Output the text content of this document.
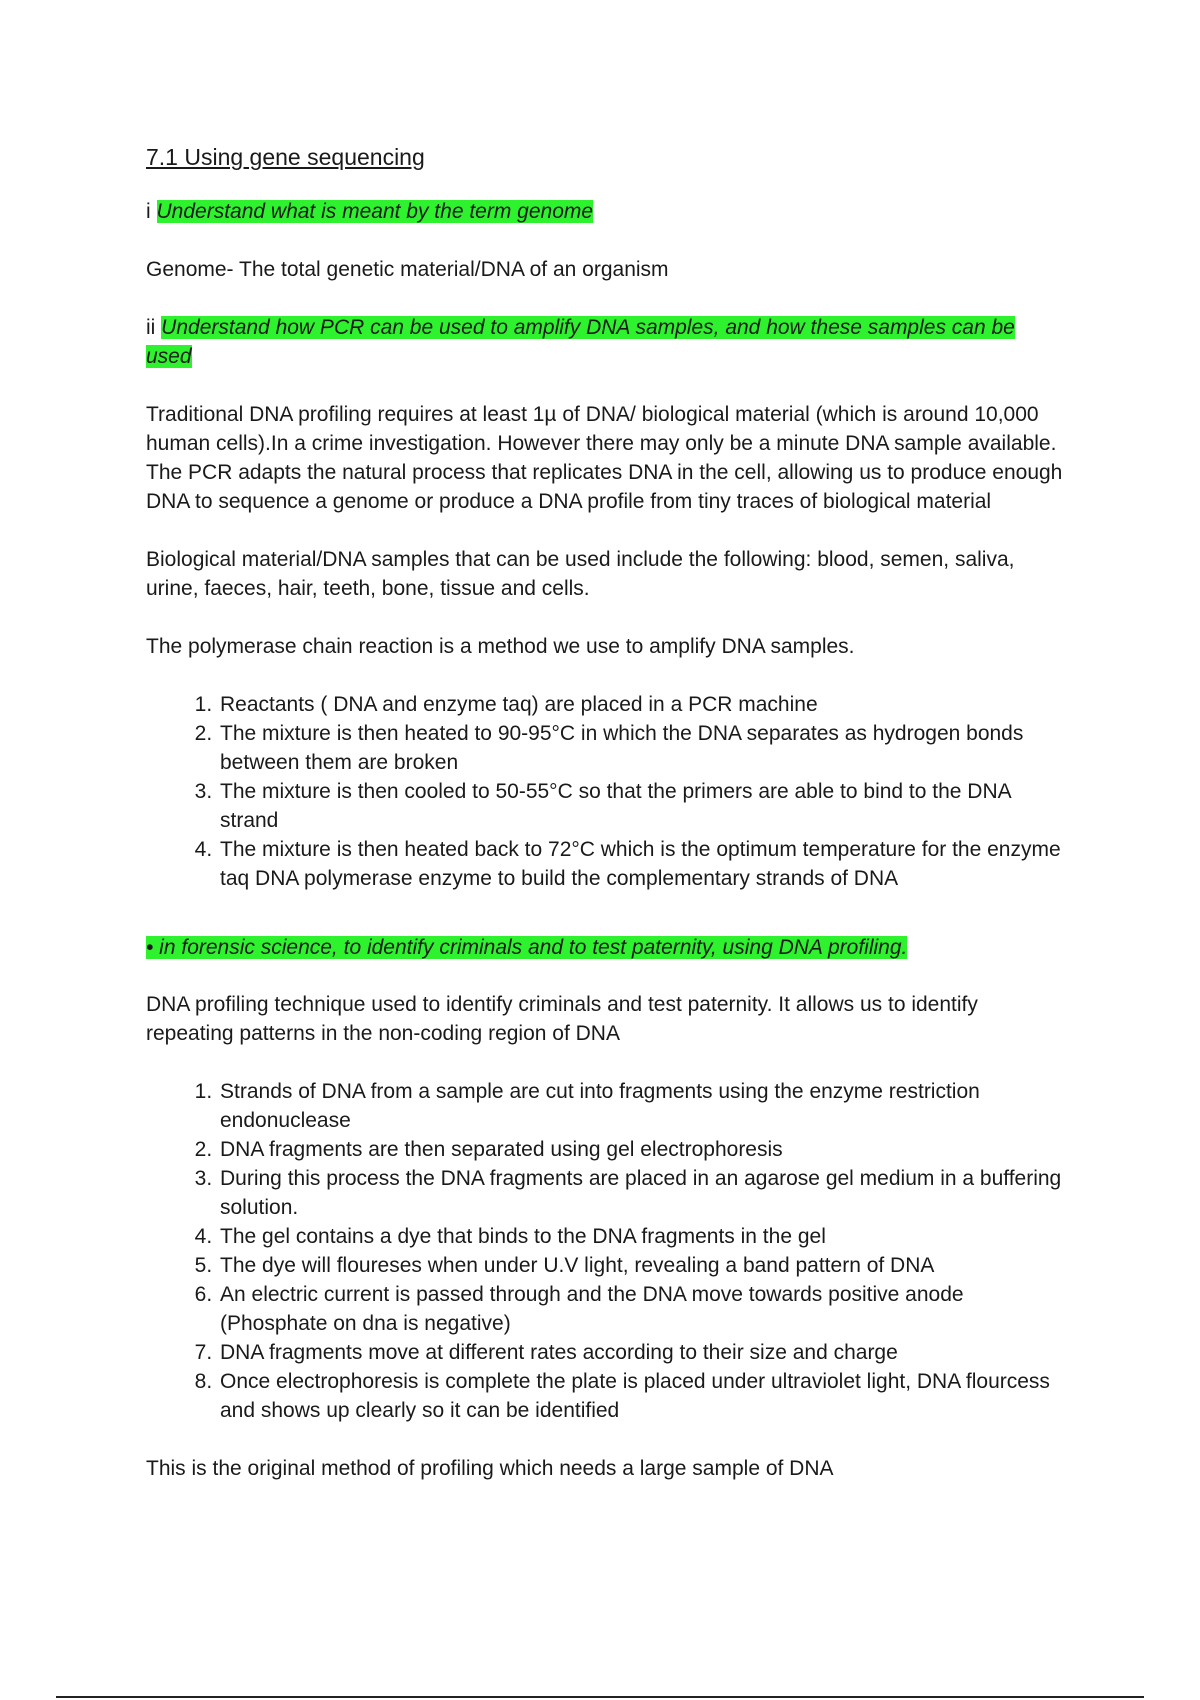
7.1 Using gene sequencing

i Understand what is meant by the term genome

Genome- The total genetic material/DNA of an organism

ii Understand how PCR can be used to amplify DNA samples, and how these samples can be used

Traditional DNA profiling requires at least 1µ of DNA/ biological material (which is around 10,000 human cells).In a crime investigation. However there may only be a minute DNA sample available. The PCR adapts the natural process that replicates DNA in the cell, allowing us to produce enough DNA to sequence a genome or produce a DNA profile from tiny traces of biological material

Biological material/DNA samples that can be used include the following: blood, semen, saliva, urine, faeces, hair, teeth, bone, tissue and cells.

The polymerase chain reaction is a method we use to amplify DNA samples.

1. Reactants ( DNA and enzyme taq) are placed in a PCR machine
2. The mixture is then heated to 90-95°C in which the DNA separates as hydrogen bonds between them are broken
3. The mixture is then cooled to 50-55°C so that the primers are able to bind to the DNA strand
4. The mixture is then heated back to 72°C which is the optimum temperature for the enzyme taq DNA polymerase enzyme to build the complementary strands of DNA

• in forensic science, to identify criminals and to test paternity, using DNA profiling.

DNA profiling technique used to identify criminals and test paternity. It allows us to identify repeating patterns in the non-coding region of DNA

1. Strands of DNA from a sample are cut into fragments using the enzyme restriction endonuclease
2. DNA fragments are then separated using gel electrophoresis
3. During this process the DNA fragments are placed in an agarose gel medium in a buffering solution.
4. The gel contains a dye that binds to the DNA fragments in the gel
5. The dye will floureses when under U.V light, revealing a band pattern of DNA
6. An electric current is passed through and the DNA move towards positive anode (Phosphate on dna is negative)
7. DNA fragments move at different rates according to their size and charge
8. Once electrophoresis is complete the plate is placed under ultraviolet light, DNA flourcess and shows up clearly so it can be identified

This is the original method of profiling which needs a large sample of DNA
